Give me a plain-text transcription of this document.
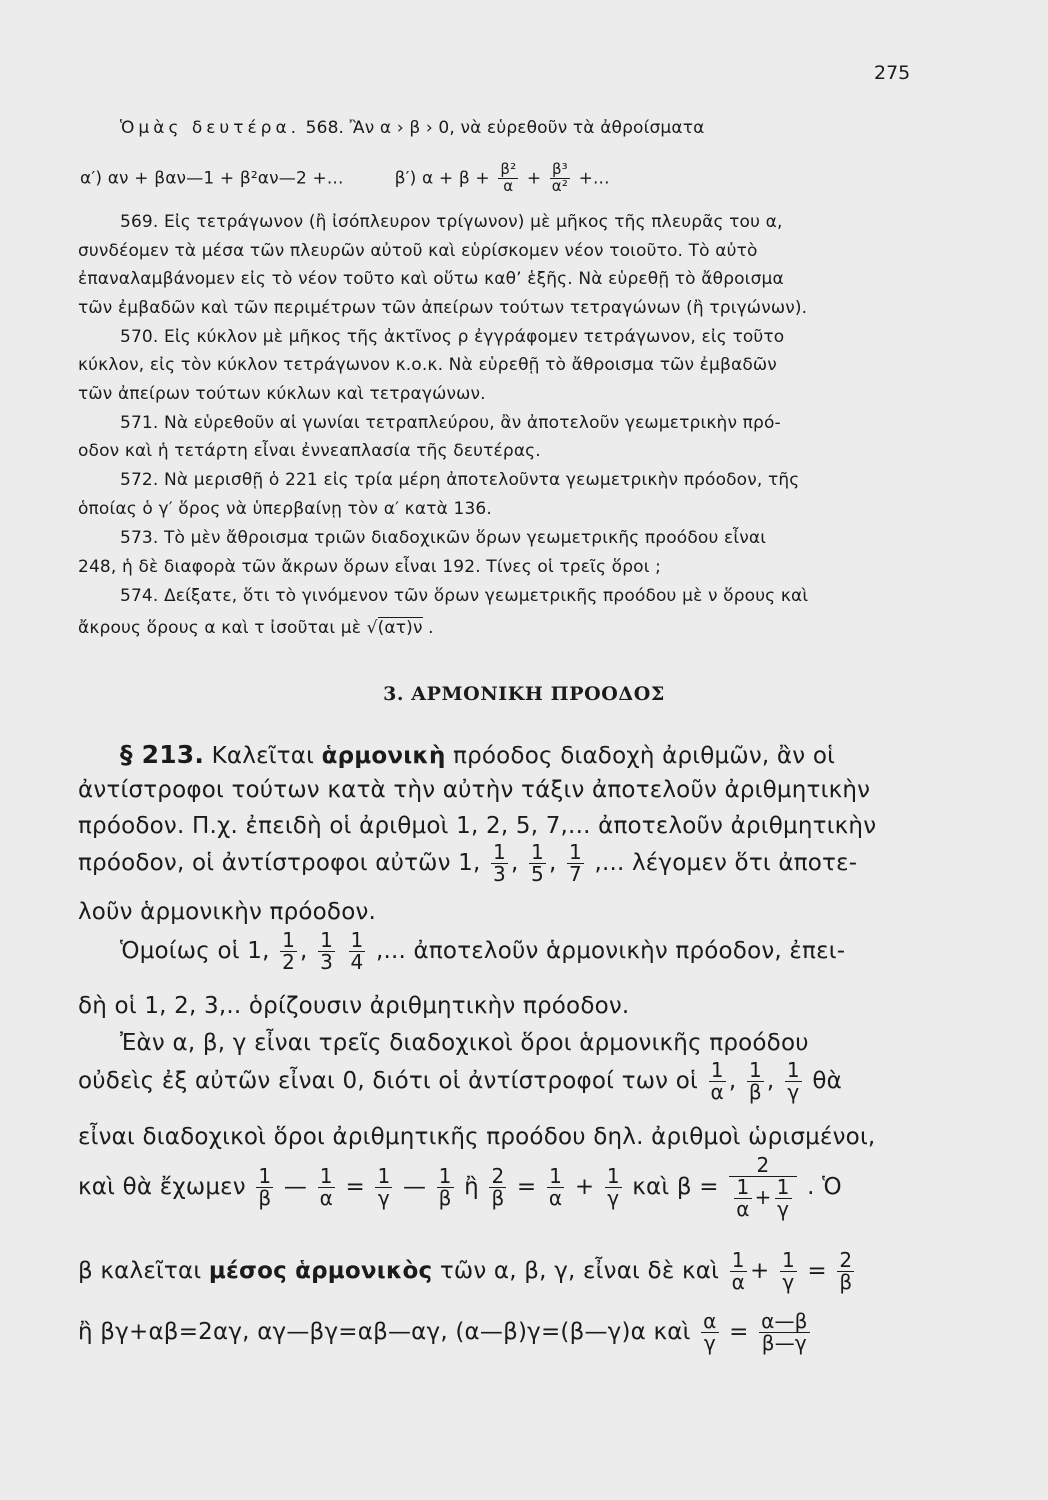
275
Ὁμὰς δευτέρα. 568. Ἂν α › β › 0, νὰ εὑρεθοῦν τὰ ἀθροίσματα
α′) αν + βαν—1 + β²αν—2 +...	β′) $\alpha + \beta + \frac{\text{β²}}{\alpha} + \frac{\text{β³}}{\text{α²}}$ +...
569. Εἰς τετράγωνον (ἢ ἰσόπλευρον τρίγωνον) μὲ μῆκος τῆς πλευρᾶς του α,
συνδέομεν τὰ μέσα τῶν πλευρῶν αὐτοῦ καὶ εὑρίσκομεν νέον τοιοῦτο. Τὸ αὐτὸ
ἐπαναλαμβάνομεν εἰς τὸ νέον τοῦτο καὶ οὕτω καθ’ ἑξῆς. Νὰ εὑρεθῇ τὸ ἄθροισμα
τῶν ἐμβαδῶν καὶ τῶν περιμέτρων τῶν ἀπείρων τούτων τετραγώνων (ἢ τριγώνων).
570. Εἰς κύκλον μὲ μῆκος τῆς ἀκτῖνος ρ ἐγγράφομεν τετράγωνον, εἰς τοῦτο
κύκλον, εἰς τὸν κύκλον τετράγωνον κ.ο.κ. Νὰ εὑρεθῇ τὸ ἄθροισμα τῶν ἐμβαδῶν
τῶν ἀπείρων τούτων κύκλων καὶ τετραγώνων.
571. Νὰ εὑρεθοῦν αἱ γωνίαι τετραπλεύρου, ἂν ἀποτελοῦν γεωμετρικὴν πρό-
οδον καὶ ἡ τετάρτη εἶναι ἐννεαπλασία τῆς δευτέρας.
572. Νὰ μερισθῇ ὁ 221 εἰς τρία μέρη ἀποτελοῦντα γεωμετρικὴν πρόοδον, τῆς
ὁποίας ὁ γ′ ὅρος νὰ ὑπερβαίνῃ τὸν α′ κατὰ 136.
573. Τὸ μὲν ἄθροισμα τριῶν διαδοχικῶν ὅρων γεωμετρικῆς προόδου εἶναι
248, ἡ δὲ διαφορὰ τῶν ἄκρων ὅρων εἶναι 192. Τίνες οἱ τρεῖς ὅροι ;
574. Δείξατε, ὅτι τὸ γινόμενον τῶν ὅρων γεωμετρικῆς προόδου μὲ ν ὅρους καὶ
ἄκρους ὅρους α καὶ τ ἰσοῦται μὲ √(ατ)ν .
3. ΑΡΜΟΝΙΚΗ ΠΡΟΟΔΟΣ
§ 213. Καλεῖται ἁρμονικὴ πρόοδος διαδοχὴ ἀριθμῶν, ἂν οἱ
ἀντίστροφοι τούτων κατὰ τὴν αὐτὴν τάξιν ἀποτελοῦν ἀριθμητικὴν
πρόοδον. Π.χ. ἐπειδὴ οἱ ἀριθμοὶ 1, 2, 5, 7,... ἀποτελοῦν ἀριθμητικὴν
πρόοδον, οἱ ἀντίστροφοι αὐτῶν 1, $\frac{1}{3}$ , $\frac{1}{5}$ , $\frac{1}{7}$ ,... λέγομεν ὅτι ἀποτε-
λοῦν ἁρμονικὴν πρόοδον.
Ὁμοίως οἱ 1, $\frac{1}{2}$ , $\frac{1}{3}$
$\frac{1}{4}$ ,... ἀποτελοῦν ἁρμονικὴν πρόοδον, ἐπει-
δὴ οἱ 1, 2, 3,.. ὁρίζουσιν ἀριθμητικὴν πρόοδον.
Ἐὰν α, β, γ εἶναι τρεῖς διαδοχικοὶ ὅροι ἁρμονικῆς προόδου
οὐδεὶς ἐξ αὐτῶν εἶναι 0, διότι οἱ ἀντίστροφοί των οἱ $\frac{1}{\alpha}$ , $\frac{1}{\beta}$ , $\frac{1}{\gamma}$ θὰ
εἶναι διαδοχικοὶ ὅροι ἀριθμητικῆς προόδου δηλ. ἀριθμοὶ ὡρισμένοι,
καὶ θὰ ἔχωμεν $\frac{1}{\beta}$ — $\frac{1}{\alpha} = \frac{1}{\gamma}$ — $\frac{1}{\beta}$ ἢ $\frac{2}{\beta} = \frac{1}{\alpha} + \frac{1}{\gamma}$ καὶ $\beta = \frac{2}{\frac{1}{\alpha} + \frac{1}{\gamma}}$ . Ὁ
β καλεῖται μέσος ἁρμονικὸς τῶν α, β, γ, εἶναι δὲ καὶ $\frac{1}{\alpha} + \frac{1}{\gamma} = \frac{2}{\beta}$
ἢ βγ+αβ=2αγ, αγ—βγ=αβ—αγ, (α—β)γ=(β—γ)α καὶ $\frac{\alpha}{\gamma} = \frac{\alpha—\beta}{\beta—\gamma}$
